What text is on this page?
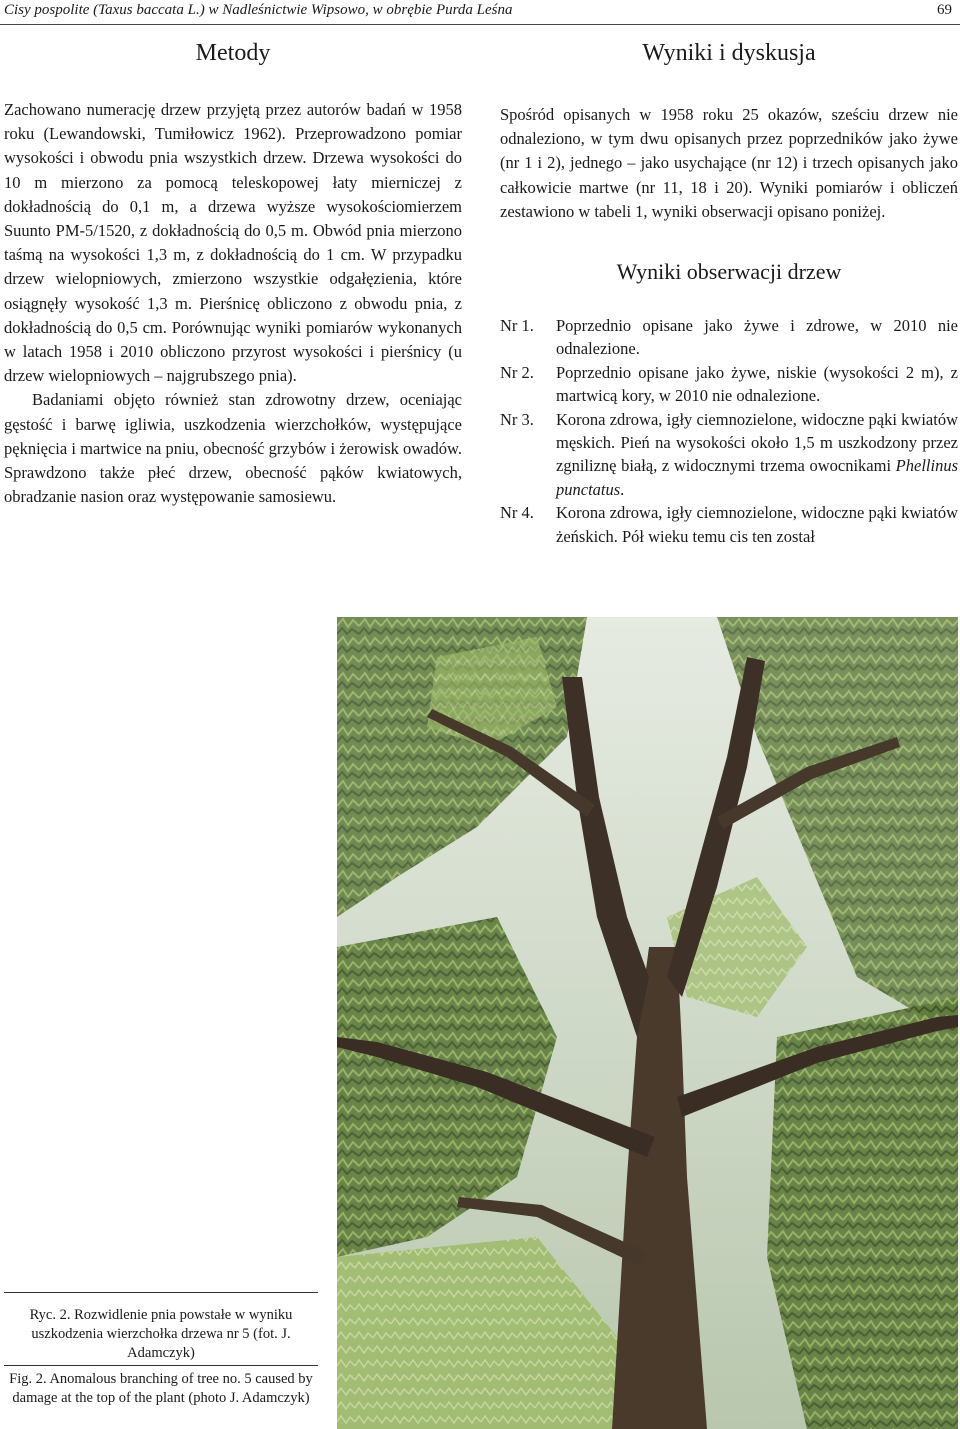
Cisy pospolite (Taxus baccata L.) w Nadleśnictwie Wipsowo, w obrębie Purda Leśna	69
Metody

Zachowano numerację drzew przyjętą przez autorów badań w 1958 roku (Lewandowski, Tumiłowicz 1962). Przeprowadzono pomiar wysokości i obwodu pnia wszystkich drzew. Drzewa wysokości do 10 m mierzono za pomocą teleskopowej łaty mierniczej z dokładnością do 0,1 m, a drzewa wyższe wysokościomierzem Suunto PM-5/1520, z dokładnością do 0,5 m. Obwód pnia mierzono taśmą na wysokości 1,3 m, z dokładnością do 1 cm. W przypadku drzew wielopniowych, zmierzono wszystkie odgałęzienia, które osiągnęły wysokość 1,3 m. Pierśnicę obliczono z obwodu pnia, z dokładnością do 0,5 cm. Porównując wyniki pomiarów wykonanych w latach 1958 i 2010 obliczono przyrost wysokości i pierśnicy (u drzew wielopniowych – najgrubszego pnia).

Badaniami objęto również stan zdrowotny drzew, oceniając gęstość i barwę igliwia, uszkodzenia wierzchołków, występujące pęknięcia i martwice na pniu, obecność grzybów i żerowisk owadów. Sprawdzono także płeć drzew, obecność pąków kwiatowych, obradzanie nasion oraz występowanie samosiewu.

Wyniki i dyskusja

Spośród opisanych w 1958 roku 25 okazów, sześciu drzew nie odnaleziono, w tym dwu opisanych przez poprzedników jako żywe (nr 1 i 2), jednego – jako usychające (nr 12) i trzech opisanych jako całkowicie martwe (nr 11, 18 i 20). Wyniki pomiarów i obliczeń zestawiono w tabeli 1, wyniki obserwacji opisano poniżej.

Wyniki obserwacji drzew
Nr 1.	Poprzednio opisane jako żywe i zdrowe, w 2010 nie odnalezione.
Nr 2.	Poprzednio opisane jako żywe, niskie (wysokości 2 m), z martwicą kory, w 2010 nie odnalezione.
Nr 3.	Korona zdrowa, igły ciemnozielone, widoczne pąki kwiatów męskich. Pień na wysokości około 1,5 m uszkodzony przez zgniliznę białą, z widocznymi trzema owocnikami Phellinus punctatus.
Nr 4.	Korona zdrowa, igły ciemnozielone, widoczne pąki kwiatów żeńskich. Pół wieku temu cis ten został
Ryc. 2. Rozwidlenie pnia powstałe w wyniku uszkodzenia wierzchołka drzewa nr 5 (fot. J. Adamczyk)
Fig. 2. Anomalous branching of tree no. 5 caused by damage at the top of the plant (photo J. Adamczyk)
